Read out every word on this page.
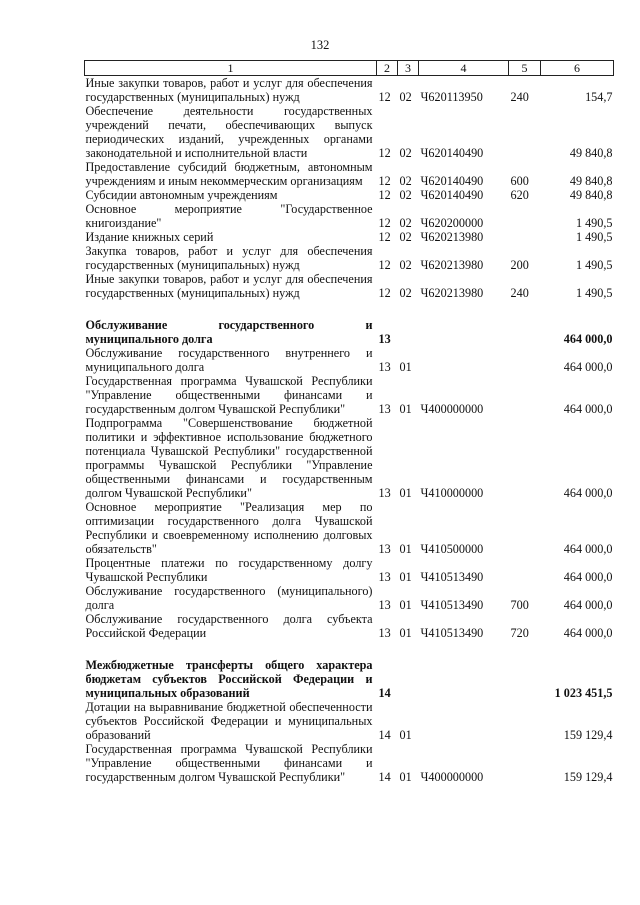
132
1	2	3	4	5	6
Иные закупки товаров, работ и услуг для обеспечения государственных (муниципальных) нужд	12	02	Ч620113950	240	154,7
Обеспечение деятельности государственных учреждений печати, обеспечивающих выпуск периодических изданий, учрежденных органами законодательной и исполнительной власти	12	02	Ч620140490		49 840,8
Предоставление субсидий бюджетным, автономным учреждениям и иным некоммерческим организациям	12	02	Ч620140490	600	49 840,8
Субсидии автономным учреждениям	12	02	Ч620140490	620	49 840,8
Основное мероприятие "Государственное книгоиздание"	12	02	Ч620200000		1 490,5
Издание книжных серий	12	02	Ч620213980		1 490,5
Закупка товаров, работ и услуг для обеспечения государственных (муниципальных) нужд	12	02	Ч620213980	200	1 490,5
Иные закупки товаров, работ и услуг для обеспечения государственных (муниципальных) нужд	12	02	Ч620213980	240	1 490,5

Обслуживание государственного и муниципального долга	13				464 000,0
Обслуживание государственного внутреннего и муниципального долга	13	01			464 000,0
Государственная программа Чувашской Республики "Управление общественными финансами и государственным долгом Чувашской Республики"	13	01	Ч400000000		464 000,0
Подпрограмма "Совершенствование бюджетной политики и эффективное использование бюджетного потенциала Чувашской Республики" государственной программы Чувашской Республики "Управление общественными финансами и государственным долгом Чувашской Республики"	13	01	Ч410000000		464 000,0
Основное мероприятие "Реализация мер по оптимизации государственного долга Чувашской Республики и своевременному исполнению долговых обязательств"	13	01	Ч410500000		464 000,0
Процентные платежи по государственному долгу Чувашской Республики	13	01	Ч410513490		464 000,0
Обслуживание государственного (муниципального) долга	13	01	Ч410513490	700	464 000,0
Обслуживание государственного долга субъекта Российской Федерации	13	01	Ч410513490	720	464 000,0

Межбюджетные трансферты общего характера бюджетам субъектов Российской Федерации и муниципальных образований	14				1 023 451,5
Дотации на выравнивание бюджетной обеспеченности субъектов Российской Федерации и муниципальных образований	14	01			159 129,4
Государственная программа Чувашской Республики "Управление общественными финансами и государственным долгом Чувашской Республики"	14	01	Ч400000000		159 129,4
